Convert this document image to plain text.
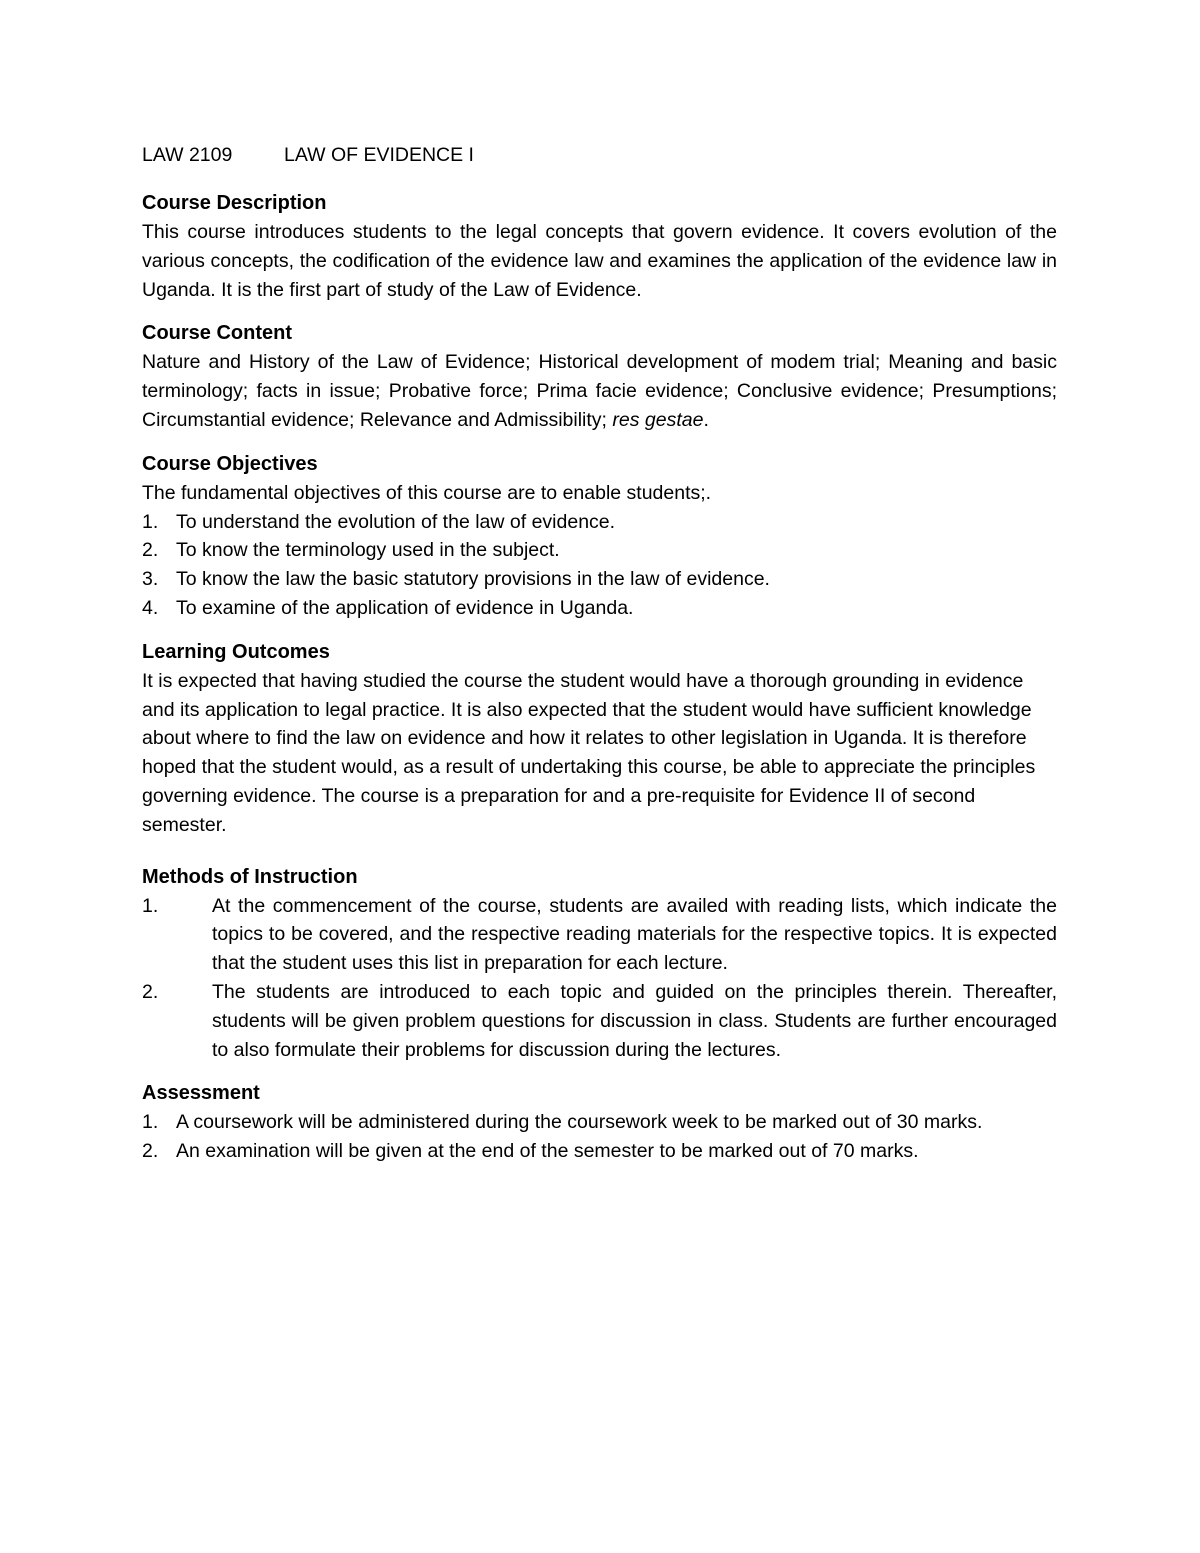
LAW 2109	LAW OF EVIDENCE I
Course Description

This course introduces students to the legal concepts that govern evidence. It covers evolution of the various concepts, the codification of the evidence law and examines the application of the evidence law in Uganda. It is the first part of study of the Law of Evidence.

Course Content

Nature and History of the Law of Evidence; Historical development of modem trial; Meaning and basic terminology; facts in issue; Probative force; Prima facie evidence; Conclusive evidence; Presumptions; Circumstantial evidence; Relevance and Admissibility; res gestae.

Course Objectives

The fundamental objectives of this course are to enable students;.

1. To understand the evolution of the law of evidence.
2. To know the terminology used in the subject.
3. To know the law the basic statutory provisions in the law of evidence.
4. To examine of the application of evidence in Uganda.
Learning Outcomes

It is expected that having studied the course the student would have a thorough grounding in evidence and its application to legal practice. It is also expected that the student would have sufficient knowledge about where to find the law on evidence and how it relates to other legislation in Uganda. It is therefore hoped that the student would, as a result of undertaking this course, be able to appreciate the principles governing evidence. The course is a preparation for and a pre-requisite for Evidence II of second semester.

Methods of Instruction
1.	At the commencement of the course, students are availed with reading lists, which indicate the topics to be covered, and the respective reading materials for the respective topics. It is expected that the student uses this list in preparation for each lecture.
2.	The students are introduced to each topic and guided on the principles therein. Thereafter, students will be given problem questions for discussion in class. Students are further encouraged to also formulate their problems for discussion during the lectures.
Assessment
1. A coursework will be administered during the coursework week to be marked out of 30 marks.
2. An examination will be given at the end of the semester to be marked out of 70 marks.
